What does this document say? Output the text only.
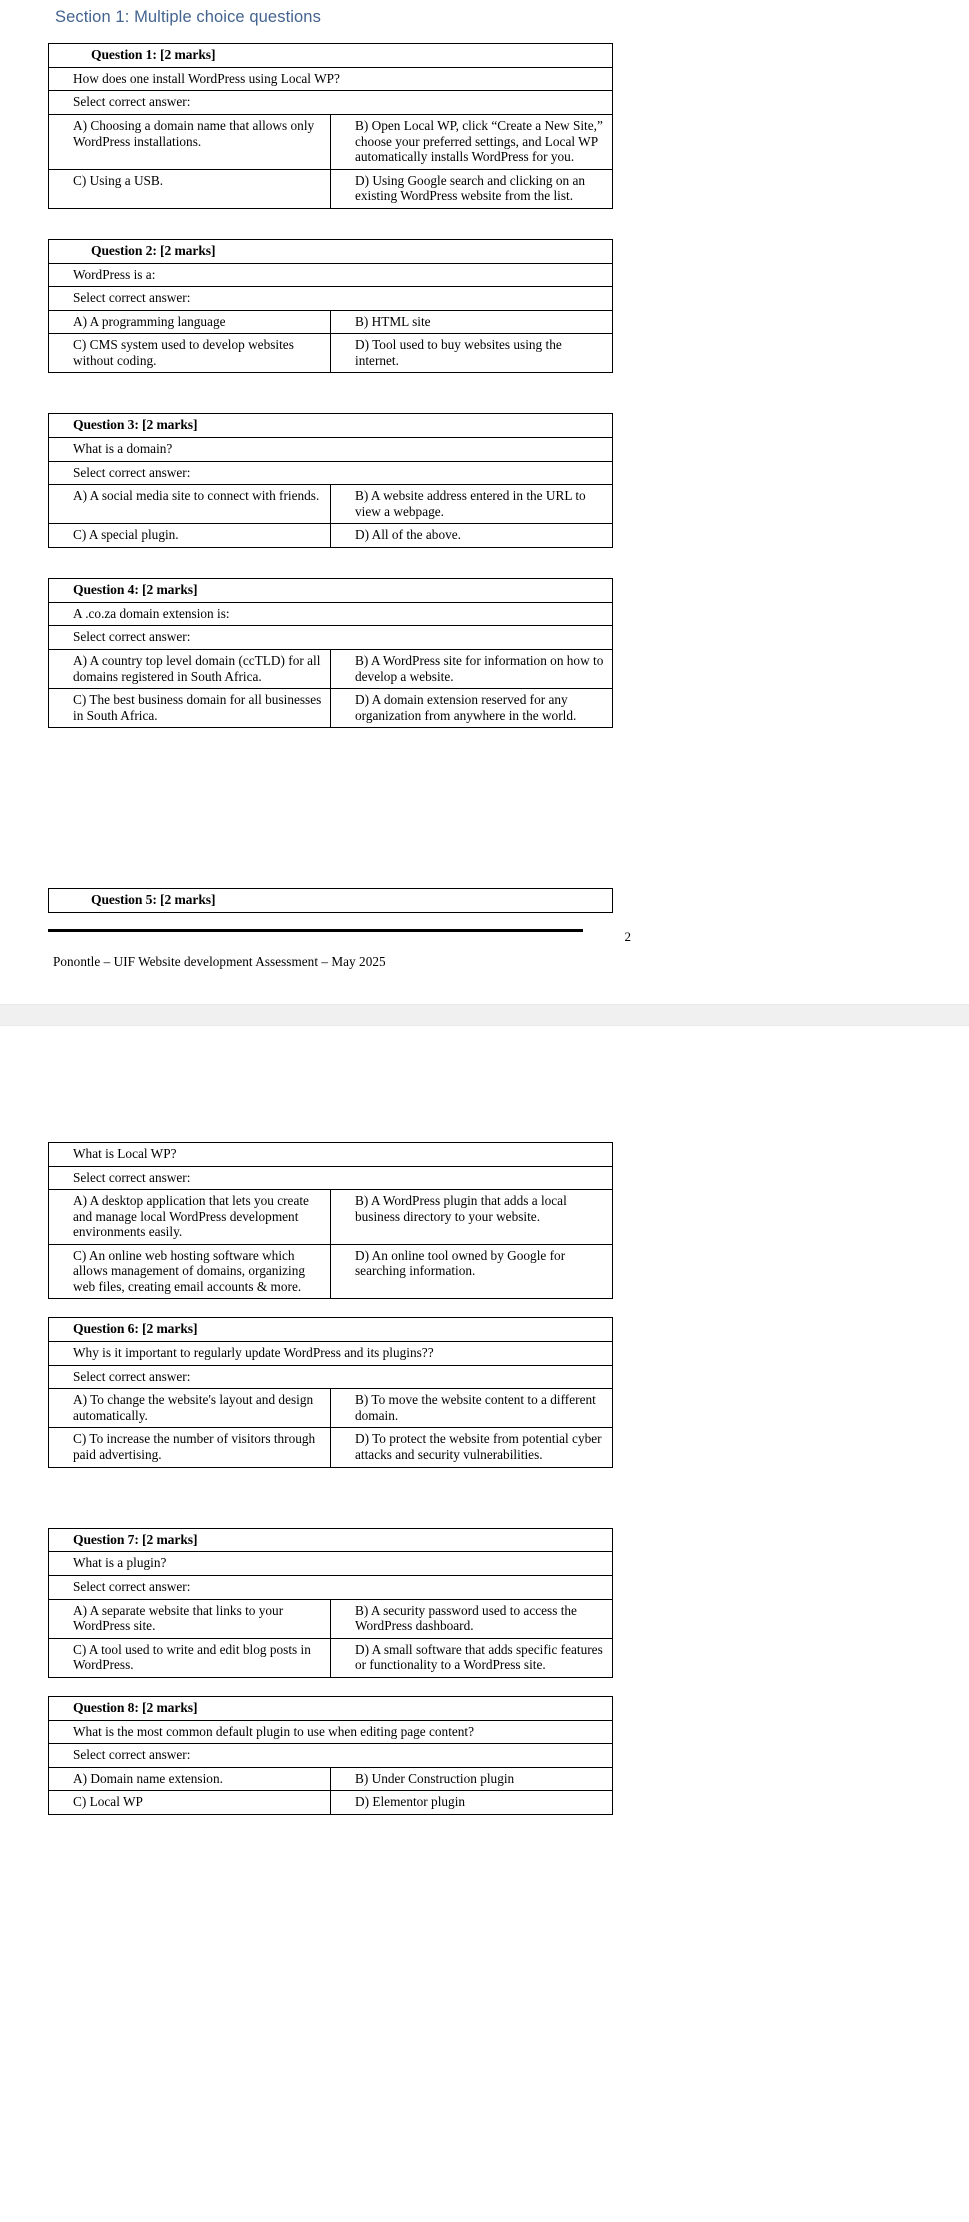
Section 1: Multiple choice questions
Question 1: [2 marks]	
How does one install WordPress using Local WP?	
Select correct answer:	
A) Choosing a domain name that allows only WordPress installations.	B) Open Local WP, click “Create a New Site,” choose your preferred settings, and Local WP automatically installs WordPress for you.
C) Using a USB.	D) Using Google search and clicking on an existing WordPress website from the list.
Question 2: [2 marks]	
WordPress is a:	
Select correct answer:	
A) A programming language	B) HTML site
C) CMS system used to develop websites without coding.	D) Tool used to buy websites using the internet.
Question 3: [2 marks]	
What is a domain?	
Select correct answer:	
A) A social media site to connect with friends.	B) A website address entered in the URL to view a webpage.
C) A special plugin.	D) All of the above.
Question 4: [2 marks]	
A .co.za domain extension is:	
Select correct answer:	
A) A country top level domain (ccTLD) for all domains registered in South Africa.	B) A WordPress site for information on how to develop a website.
C) The best business domain for all businesses in South Africa.	D) A domain extension reserved for any organization from anywhere in the world.
Question 5: [2 marks]
2
Ponontle – UIF Website development Assessment – May 2025
What is Local WP?	
Select correct answer:	
A) A desktop application that lets you create and manage local WordPress development environments easily.	B) A WordPress plugin that adds a local business directory to your website.
C) An online web hosting software which allows management of domains, organizing web files, creating email accounts & more.	D) An online tool owned by Google for searching information.
Question 6: [2 marks]	
Why is it important to regularly update WordPress and its plugins??	
Select correct answer:	
A) To change the website's layout and design automatically.	B) To move the website content to a different domain.
C) To increase the number of visitors through paid advertising.	D) To protect the website from potential cyber attacks and security vulnerabilities.
Question 7: [2 marks]	
What is a plugin?	
Select correct answer:	
A) A separate website that links to your WordPress site.	B) A security password used to access the WordPress dashboard.
C) A tool used to write and edit blog posts in WordPress.	D) A small software that adds specific features or functionality to a WordPress site.
Question 8: [2 marks]	
What is the most common default plugin to use when editing page content?	
Select correct answer:	
A) Domain name extension.	B) Under Construction plugin
C) Local WP	D) Elementor plugin
